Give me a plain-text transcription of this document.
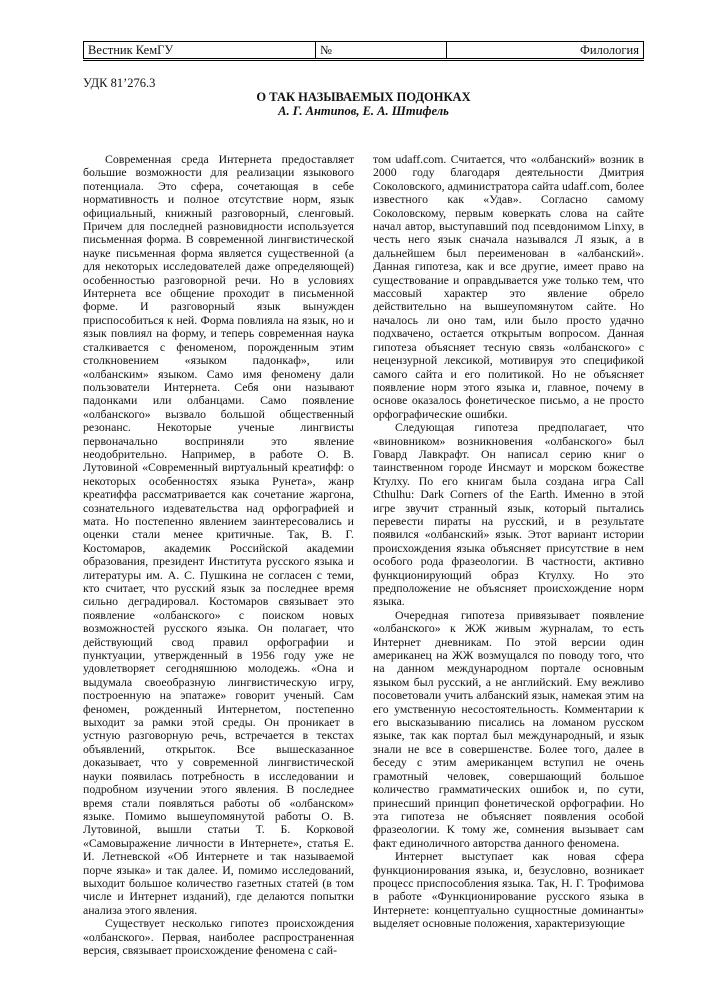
Вестник КемГУ	№	Филология
УДК 81’276.3
О ТАК НАЗЫВАЕМЫХ ПОДОНКАХ
А. Г. Антипов, Е. А. Штифель

Современная среда Интернета предоставляет большие возможности для реализации языкового потенциала. Это сфера, сочетающая в себе нормативность и полное отсутствие норм, язык официальный, книжный разговорный, сленговый. Причем для последней разновидности используется письменная форма. В современной лингвистической науке письменная форма является существенной (а для некоторых исследователей даже определяющей) особенностью разговорной речи. Но в условиях Интернета все общение проходит в письменной форме. И разговорный язык вынужден приспособиться к ней. Форма повлияла на язык, но и язык повлиял на форму, и теперь современная наука сталкивается с феноменом, порожденным этим столкновением «языком падонкаф», или «олбанским» языком. Само имя феномену дали пользователи Интернета. Себя они называют падонками или олбанцами. Само появление «олбанского» вызвало большой общественный резонанс. Некоторые ученые лингвисты первоначально восприняли это явление неодобрительно. Например, в работе О. В. Лутовиной «Современный виртуальный креатифф: о некоторых особенностях языка Рунета», жанр креатиффа рассматривается как сочетание жаргона, сознательного издевательства над орфографией и мата. Но постепенно явлением заинтересовались и оценки стали менее критичные. Так, В. Г. Костомаров, академик Российской академии образования, президент Института русского языка и литературы им. А. С. Пушкина не согласен с теми, кто считает, что русский язык за последнее время сильно деградировал. Костомаров связывает это появление «олбанского» с поиском новых возможностей русского языка. Он полагает, что действующий свод правил орфографии и пунктуации, утвержденный в 1956 году уже не удовлетворяет сегодняшнюю молодежь. «Она и выдумала своеобразную лингвистическую игру, построенную на эпатаже» говорит ученый. Сам феномен, рожденный Интернетом, постепенно выходит за рамки этой среды. Он проникает в устную разговорную речь, встречается в текстах объявлений, открыток. Все вышесказанное доказывает, что у современной лингвистической науки появилась потребность в исследовании и подробном изучении этого явления. В последнее время стали появляться работы об «олбанском» языке. Помимо вышеупомянутой работы О. В. Лутовиной, вышли статьи Т. Б. Корковой «Самовыражение личности в Интернете», статья Е. И. Летневской «Об Интернете и так называемой порче языка» и так далее. И, помимо исследований, выходит большое количество газетных статей (в том числе и Интернет изданий), где делаются попытки анализа этого явления.

Существует несколько гипотез происхождения «олбанского». Первая, наиболее распространенная версия, связывает происхождение феномена с сай-

том udaff.com. Считается, что «олбанский» возник в 2000 году благодаря деятельности Дмитрия Соколовского, администратора сайта udaff.com, более известного как «Удав». Согласно самому Соколовскому, первым коверкать слова на сайте начал автор, выступавший под псевдонимом Linxy, в честь него язык сначала назывался Л язык, а в дальнейшем был переименован в «албанский». Данная гипотеза, как и все другие, имеет право на существование и оправдывается уже только тем, что массовый характер это явление обрело действительно на вышеупомянутом сайте. Но началось ли оно там, или было просто удачно подхвачено, остается открытым вопросом. Данная гипотеза объясняет тесную связь «олбанского» с нецензурной лексикой, мотивируя это спецификой самого сайта и его политикой. Но не объясняет появление норм этого языка и, главное, почему в основе оказалось фонетическое письмо, а не просто орфографические ошибки.

Следующая гипотеза предполагает, что «виновником» возникновения «олбанского» был Говард Лавкрафт. Он написал серию книг о таинственном городе Инсмаут и морском божестве Ктулху. По его книгам была создана игра Call Cthulhu: Dark Corners of the Earth. Именно в этой игре звучит странный язык, который пытались перевести пираты на русский, и в результате появился «олбанский» язык. Этот вариант истории происхождения языка объясняет присутствие в нем особого рода фразеологии. В частности, активно функционирующий образ Ктулху. Но это предположение не объясняет происхождение норм языка.

Очередная гипотеза привязывает появление «олбанского» к ЖЖ живым журналам, то есть Интернет дневникам. По этой версии один американец на ЖЖ возмущался по поводу того, что на данном международном портале основным языком был русский, а не английский. Ему вежливо посоветовали учить албанский язык, намекая этим на его умственную несостоятельность. Комментарии к его высказыванию писались на ломаном русском языке, так как портал был международный, и язык знали не все в совершенстве. Более того, далее в беседу с этим американцем вступил не очень грамотный человек, совершающий большое количество грамматических ошибок и, по сути, принесший принцип фонетической орфографии. Но эта гипотеза не объясняет появления особой фразеологии. К тому же, сомнения вызывает сам факт единоличного авторства данного феномена.

Интернет выступает как новая сфера функционирования языка, и, безусловно, возникает процесс приспособления языка. Так, Н. Г. Трофимова в работе «Функционирование русского языка в Интернете: концептуально сущностные доминанты» выделяет основные положения, характеризующие
